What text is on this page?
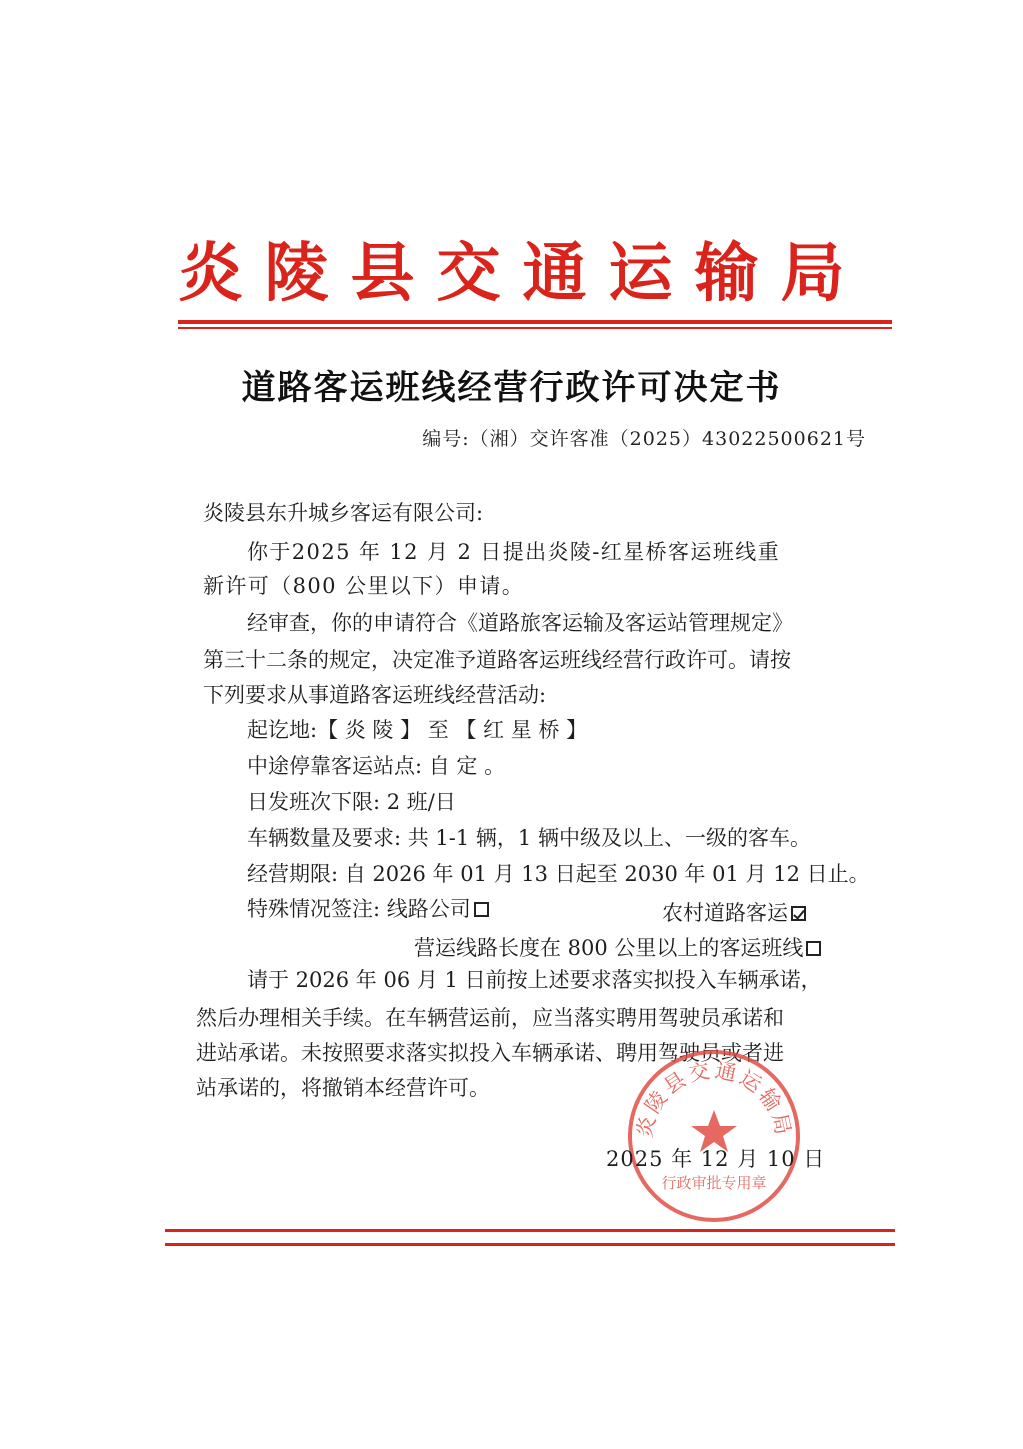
炎陵县交通运输局
道路客运班线经营行政许可决定书
编号:（湘）交许客准（2025）43022500621号
炎陵县东升城乡客运有限公司:
你于2025 年 12 月 2 日提出炎陵-红星桥客运班线重
新许可（800 公里以下）申请。
经审查，你的申请符合《道路旅客运输及客运站管理规定》
第三十二条的规定，决定准予道路客运班线经营行政许可。请按
下列要求从事道路客运班线经营活动:
起讫地:【 炎 陵 】 至 【 红 星 桥 】
中途停靠客运站点: 自 定 。
日发班次下限: 2 班/日
车辆数量及要求: 共 1-1 辆，1 辆中级及以上、一级的客车。
经营期限: 自 2026 年 01 月 13 日起至 2030 年 01 月 12 日止。
特殊情况签注: 线路公司	农村道路客运
营运线路长度在 800 公里以上的客运班线
请于 2026 年 06 月 1 日前按上述要求落实拟投入车辆承诺，
然后办理相关手续。在车辆营运前，应当落实聘用驾驶员承诺和
进站承诺。未按照要求落实拟投入车辆承诺、聘用驾驶员或者进
站承诺的，将撤销本经营许可。
炎陵县交通运输局
行政审批专用章
2025 年 12 月 10 日
